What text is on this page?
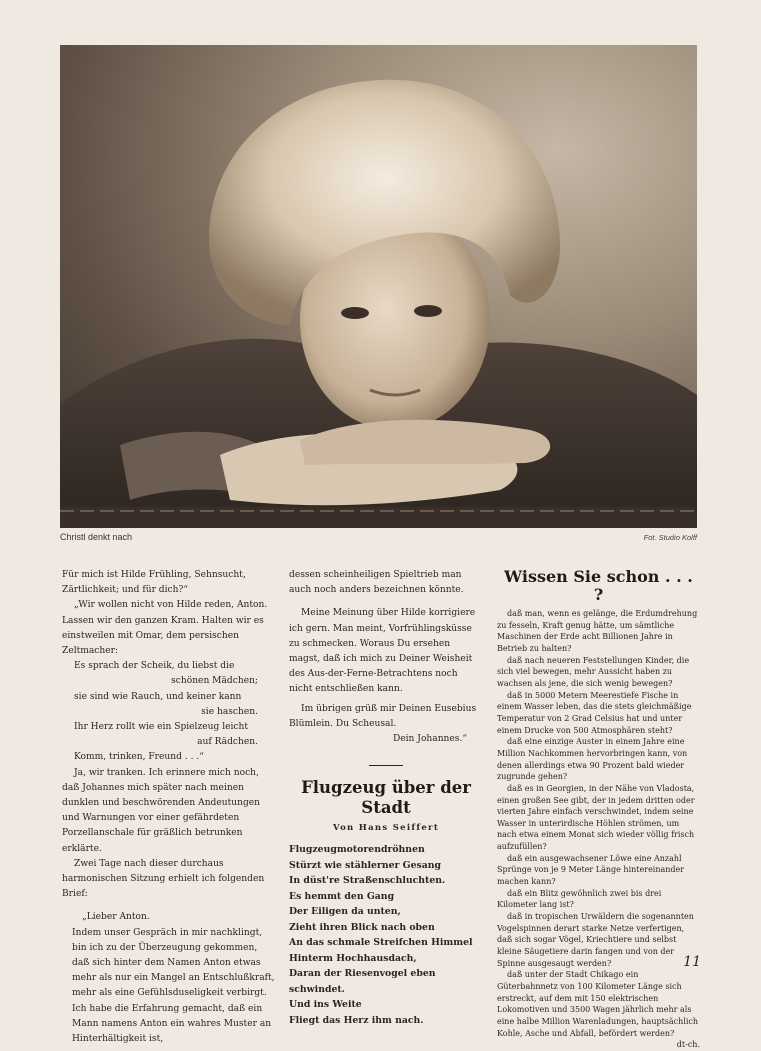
Christl denkt nach	Fot. Studio Kolff

Für mich ist Hilde Frühling, Sehnsucht, Zärtlichkeit; und für dich?“

„Wir wollen nicht von Hilde reden, Anton. Lassen wir den ganzen Kram. Halten wir es einstweilen mit Omar, dem persischen Zeltmacher:

Es sprach der Scheik, du liebst die
schönen Mädchen;
sie sind wie Rauch, und keiner kann
sie haschen.
Ihr Herz rollt wie ein Spielzeug leicht
auf Rädchen.
Komm, trinken, Freund . . .“

Ja, wir tranken. Ich erinnere mich noch, daß Johannes mich später nach meinen dunklen und beschwörenden Andeutungen und Warnungen vor einer gefährdeten Porzellanschale für gräßlich betrunken erklärte.

Zwei Tage nach dieser durchaus harmonischen Sitzung erhielt ich folgenden Brief:

„Lieber Anton.

Indem unser Gespräch in mir nachklingt, bin ich zu der Überzeugung gekommen, daß sich hinter dem Namen Anton etwas mehr als nur ein Mangel an Entschlußkraft, mehr als eine Gefühlsduseligkeit verbirgt. Ich habe die Erfahrung gemacht, daß ein Mann namens Anton ein wahres Muster an Hinterhältigkeit ist,

dessen scheinheiligen Spieltrieb man auch noch anders bezeichnen könnte.

Meine Meinung über Hilde korrigiere ich gern. Man meint, Vorfrühlingsküsse zu schmecken. Woraus Du ersehen magst, daß ich mich zu Deiner Weisheit des Aus-der-Ferne-Betrachtens noch nicht entschließen kann.

Im übrigen grüß mir Deinen Eusebius Blümlein. Du Scheusal.

Dein Johannes.“

Flugzeug über der Stadt
Von Hans Seiffert
Flugzeugmotorendröhnen
Stürzt wie stählerner Gesang
In düst're Straßenschluchten.
Es hemmt den Gang
Der Eiligen da unten,
Zieht ihren Blick nach oben
An das schmale Streifchen Himmel
Hinterm Hochhausdach,
Daran der Riesenvogel eben schwindet.
Und ins Weite
Fliegt das Herz ihm nach.
Wissen Sie schon . . . ?

daß man, wenn es gelänge, die Erdumdrehung zu fesseln, Kraft genug hätte, um sämtliche Maschinen der Erde acht Billionen Jahre in Betrieb zu halten?

daß nach neueren Feststellungen Kinder, die sich viel bewegen, mehr Aussicht haben zu wachsen als jene, die sich wenig bewegen?

daß in 5000 Metern Meerestiefe Fische in einem Wasser leben, das die stets gleichmäßige Temperatur von 2 Grad Celsius hat und unter einem Drucke von 500 Atmosphären steht?

daß eine einzige Auster in einem Jahre eine Million Nachkommen hervorbringen kann, von denen allerdings etwa 90 Prozent bald wieder zugrunde gehen?

daß es in Georgien, in der Nähe von Vladosta, einen großen See gibt, der in jedem dritten oder vierten Jahre einfach verschwindet, indem seine Wasser in unterirdische Höhlen strömen, um nach etwa einem Monat sich wieder völlig frisch aufzufüllen?

daß ein ausgewachsener Löwe eine Anzahl Sprünge von je 9 Meter Länge hintereinander machen kann?

daß ein Blitz gewöhnlich zwei bis drei Kilometer lang ist?

daß in tropischen Urwäldern die sogenannten Vogelspinnen derart starke Netze verfertigen, daß sich sogar Vögel, Kriechtiere und selbst kleine Säugetiere darin fangen und von der Spinne ausgesaugt werden?

daß unter der Stadt Chikago ein Güterbahnnetz von 100 Kilometer Länge sich erstreckt, auf dem mit 150 elektrischen Lokomotiven und 3500 Wagen jährlich mehr als eine halbe Million Warenladungen, hauptsächlich Kohle, Asche und Abfall, befördert werden?

dt-ch.

11
